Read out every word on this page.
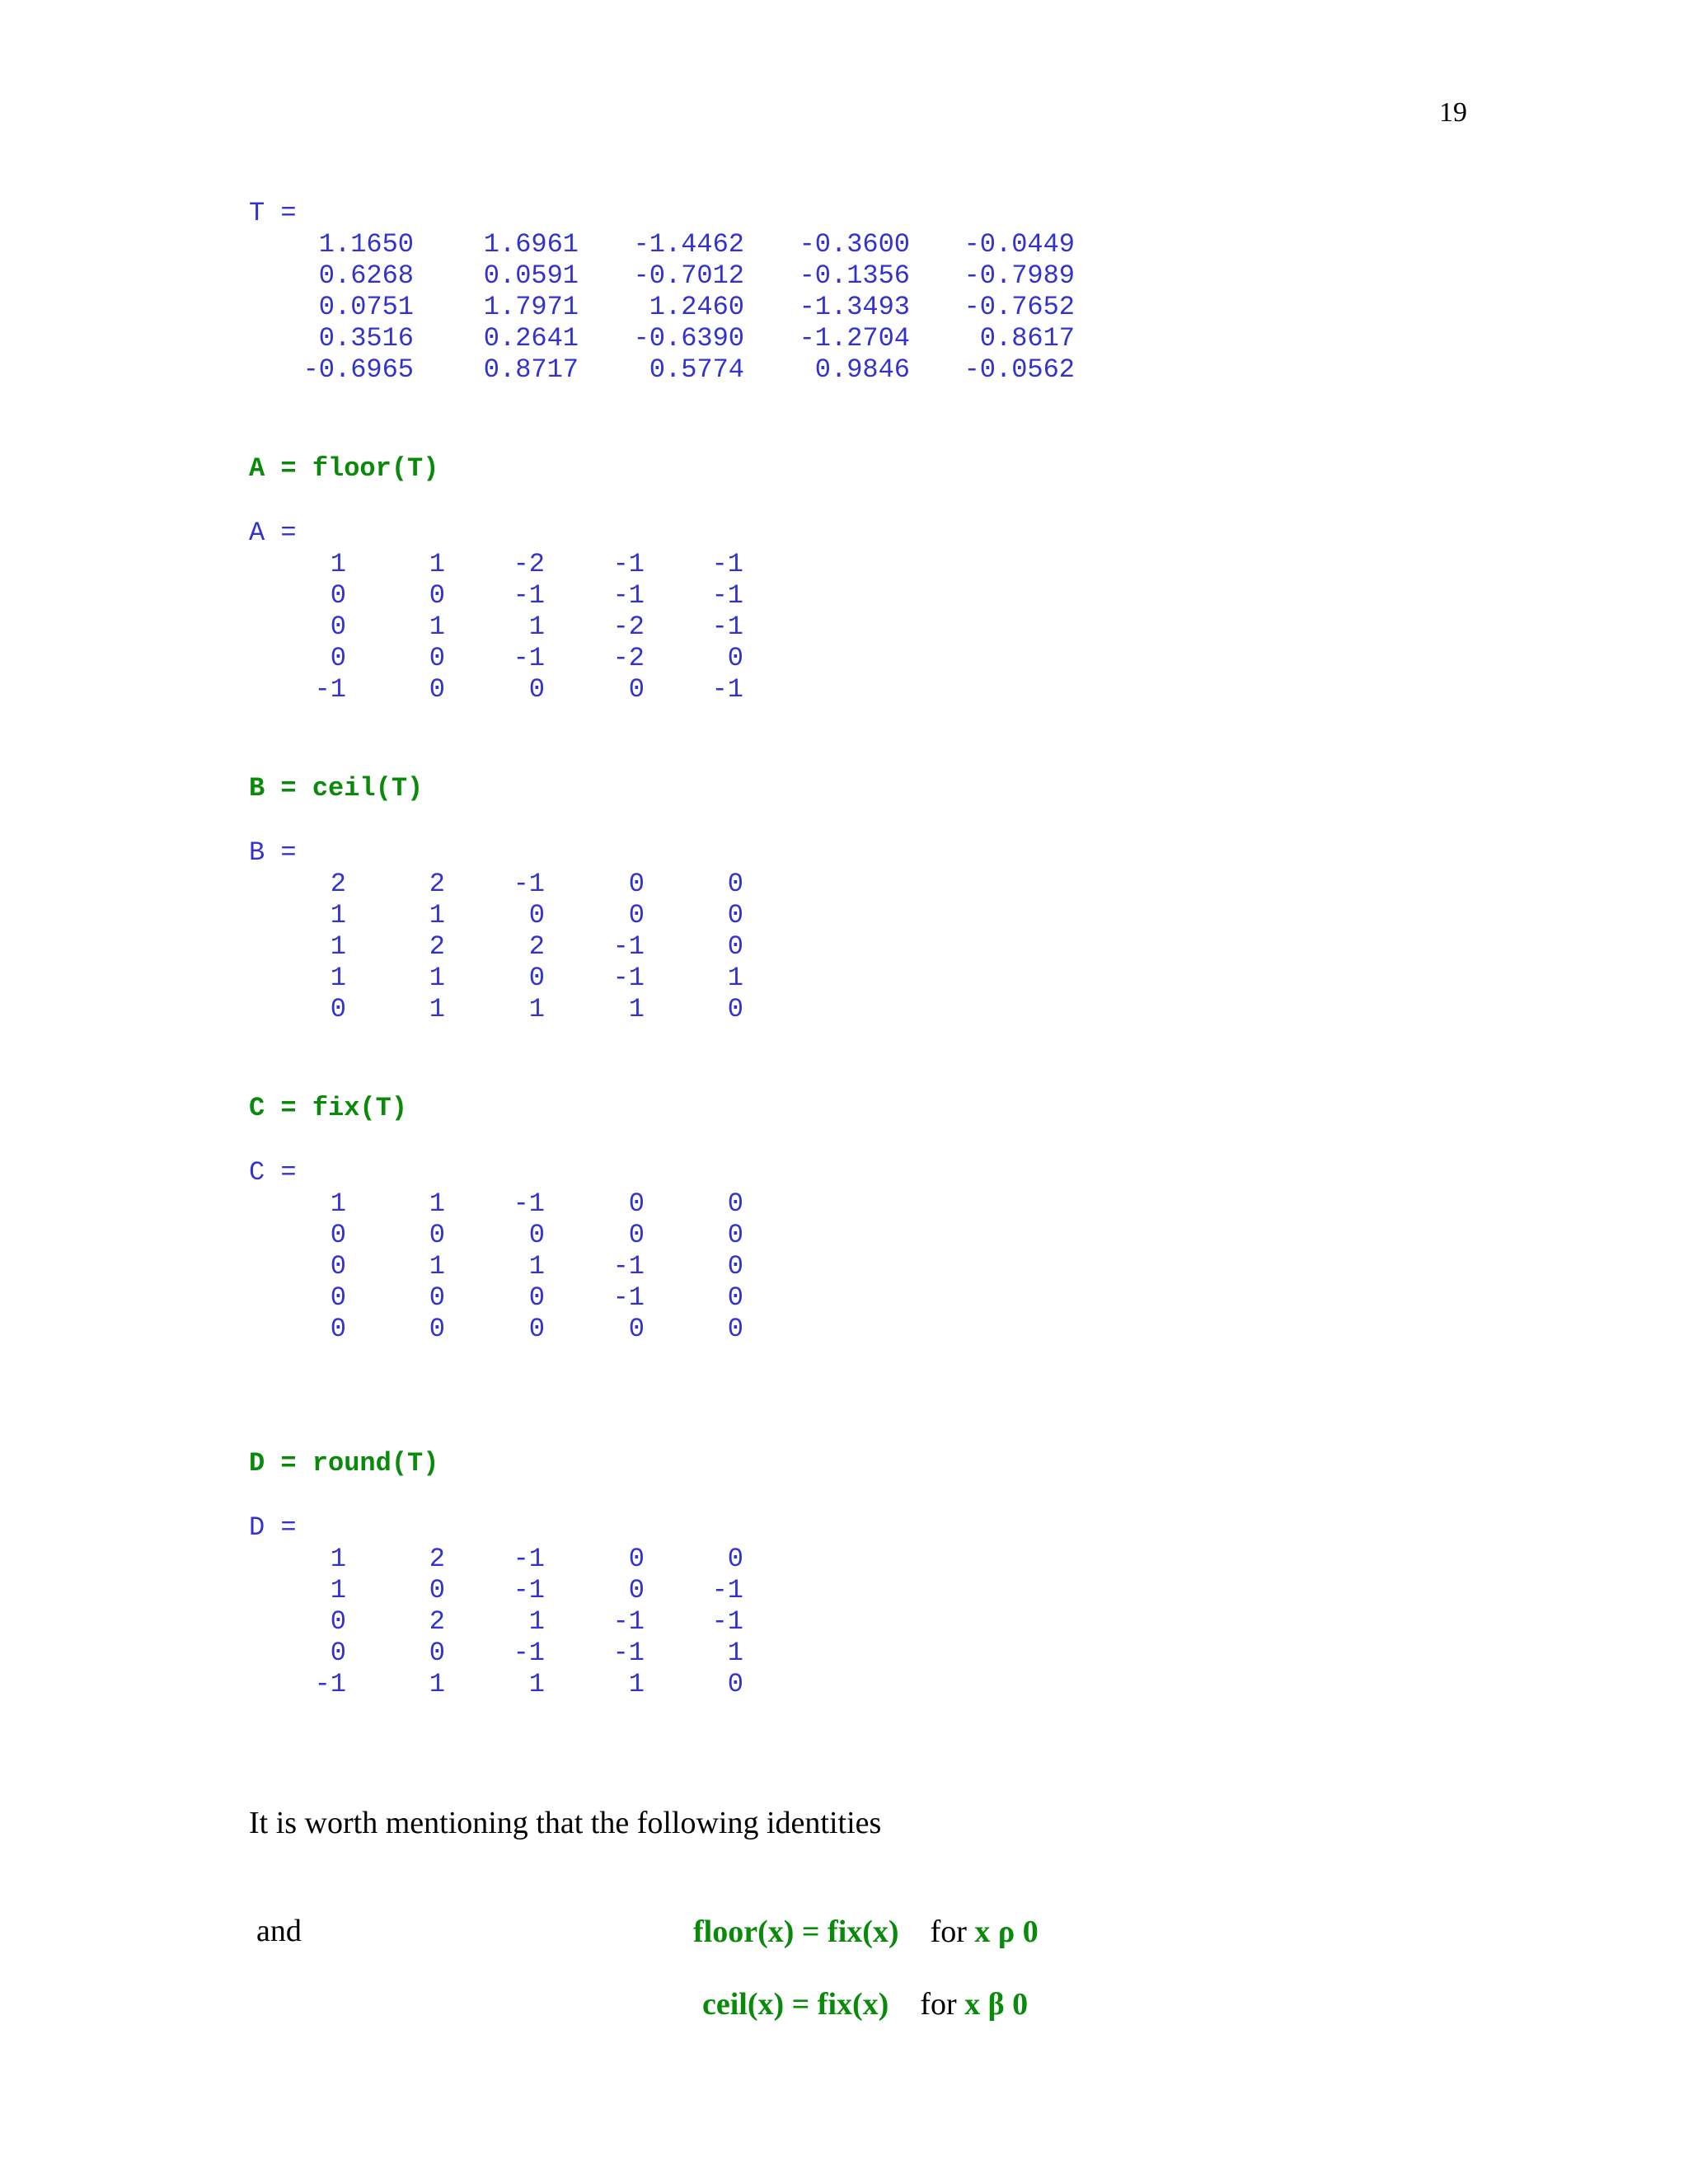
19
T =
1.1650	1.6961	-1.4462	-0.3600	-0.0449
0.6268	0.0591	-0.7012	-0.1356	-0.7989
0.0751	1.7971	1.2460	-1.3493	-0.7652
0.3516	0.2641	-0.6390	-1.2704	0.8617
-0.6965	0.8717	0.5774	0.9846	-0.0562
A = floor(T)
A =
1	1	-2	-1	-1
0	0	-1	-1	-1
0	1	1	-2	-1
0	0	-1	-2	0
-1	0	0	0	-1
B = ceil(T)
B =
2	2	-1	0	0
1	1	0	0	0
1	2	2	-1	0
1	1	0	-1	1
0	1	1	1	0
C = fix(T)
C =
1	1	-1	0	0
0	0	0	0	0
0	1	1	-1	0
0	0	0	-1	0
0	0	0	0	0
D = round(T)
D =
1	2	-1	0	0
1	0	-1	0	-1
0	2	1	-1	-1
0	0	-1	-1	1
-1	1	1	1	0
It is worth mentioning that the following identities

floor(x) = fix(x) for x ρ 0

and

ceil(x) = fix(x) for x β 0
